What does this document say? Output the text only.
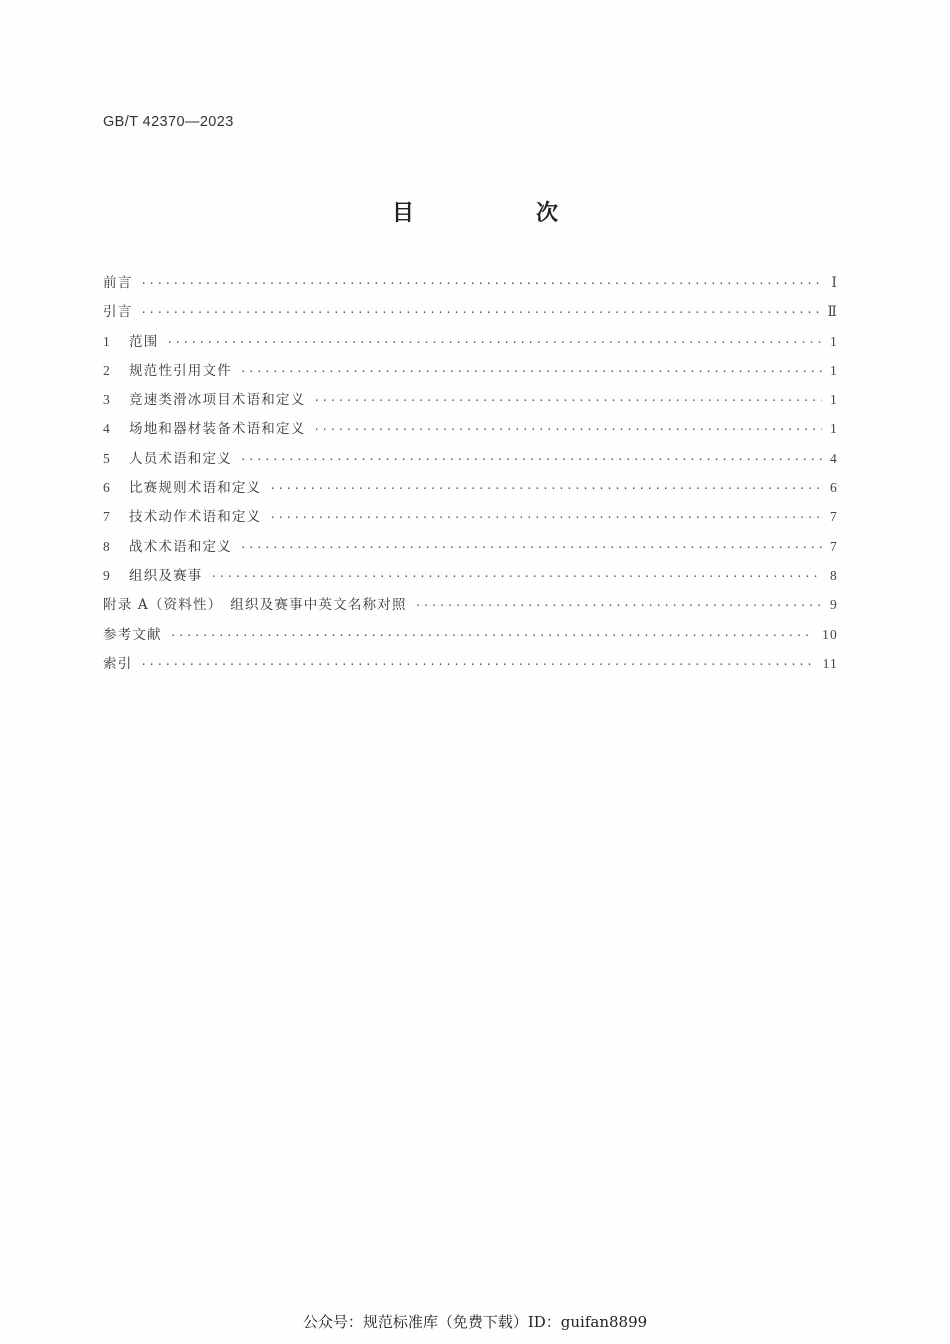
GB/T 42370—2023
目　次
前言 ·····	Ⅰ
引言 ·····	Ⅱ
1	范围 ·····	1
2	规范性引用文件 ·····	1
3	竞速类滑冰项目术语和定义 ·····	1
4	场地和器材装备术语和定义 ·····	1
5	人员术语和定义 ·····	4
6	比赛规则术语和定义 ·····	6
7	技术动作术语和定义 ·····	7
8	战术术语和定义 ·····	7
9	组织及赛事 ·····	8
附录 A（资料性）　组织及赛事中英文名称对照 ·····	9
参考文献 ·····	10
索引 ·····	11
公众号：规范标准库（免费下载）ID：guifan8899
